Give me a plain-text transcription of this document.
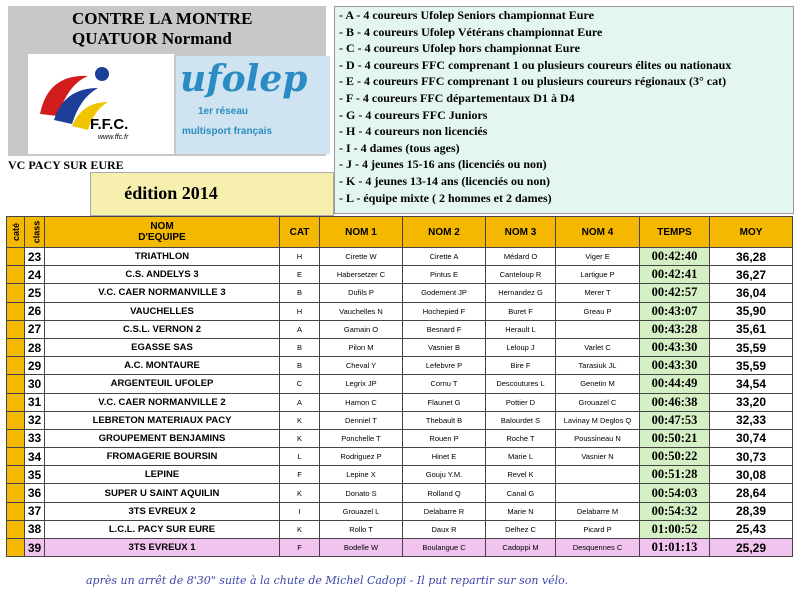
CONTRE LA MONTRE
QUATUOR Normand
F.F.C.
www.ffc.fr
ufolep
1er réseau
multisport français
VC PACY SUR EURE
édition 2014
- A - 4 coureurs Ufolep Seniors championnat Eure
- B - 4 coureurs Ufolep Vétérans championnat Eure
- C - 4 coureurs Ufolep hors championnat Eure
- D - 4 coureurs FFC comprenant 1 ou plusieurs coureurs élites ou nationaux
- E - 4 coureurs FFC comprenant 1 ou plusieurs coureurs régionaux (3° cat)
- F - 4 coureurs FFC départementaux D1 à D4
- G - 4 coureurs FFC Juniors
- H - 4 coureurs non licenciés
- I - 4 dames (tous ages)
- J - 4 jeunes 15-16 ans (licenciés ou non)
- K - 4 jeunes 13-14 ans (licenciés ou non)
- L - équipe mixte ( 2 hommes et 2 dames)
caté	class	NOM
D'EQUIPE	CAT	NOM 1	NOM 2	NOM 3	NOM 4	TEMPS	MOY
	23	TRIATHLON	H	Cirette W	Cirette A	Médard O	Viger E	00:42:40	36,28
	24	C.S. ANDELYS 3	E	Habersetzer C	Pintus E	Canteloup R	Lartigue P	00:42:41	36,27
	25	V.C. CAER NORMANVILLE 3	B	Dufils P	Godement JP	Hernandez G	Merer T	00:42:57	36,04
	26	VAUCHELLES	H	Vauchelles N	Hochepied F	Buret F	Greau P	00:43:07	35,90
	27	C.S.L. VERNON 2	A	Gamain O	Besnard F	Herault L		00:43:28	35,61
	28	EGASSE SAS	B	Pilon M	Vasnier B	Leloup J	Varlet C	00:43:30	35,59
	29	A.C. MONTAURE	B	Cheval Y	Lefebvre P	Bire F	Tarasiuk JL	00:43:30	35,59
	30	ARGENTEUIL UFOLEP	C	Legrix JP	Cornu T	Descoutures L	Genetin M	00:44:49	34,54
	31	V.C. CAER NORMANVILLE 2	A	Hamon C	Flaunet G	Pottier D	Grouazel C	00:46:38	33,20
	32	LEBRETON MATERIAUX PACY	K	Denniel T	Thebault B	Balourdet S	Lavinay M Deglos Q	00:47:53	32,33
	33	GROUPEMENT BENJAMINS	K	Ponchelle T	Rouen P	Roche T	Poussineau N	00:50:21	30,74
	34	FROMAGERIE BOURSIN	L	Rodriguez P	Hinet E	Marie L	Vasnier N	00:50:22	30,73
	35	LEPINE	F	Lepine X	Gouju Y.M.	Revel K		00:51:28	30,08
	36	SUPER U SAINT AQUILIN	K	Donato S	Rolland Q	Canal G		00:54:03	28,64
	37	3TS EVREUX 2	I	Grouazel L	Delabarre R	Marie N	Delabarre M	00:54:32	28,39
	38	L.C.L. PACY SUR EURE	K	Rollo T	Daux R	Delhez C	Picard P	01:00:52	25,43
	39	3TS EVREUX 1	F	Bodelle W	Boulangue C	Cadoppi M	Desquennes C	01:01:13	25,29
après un arrêt de 8'30" suite à la chute de Michel Cadopi - Il put repartir sur son vélo.
